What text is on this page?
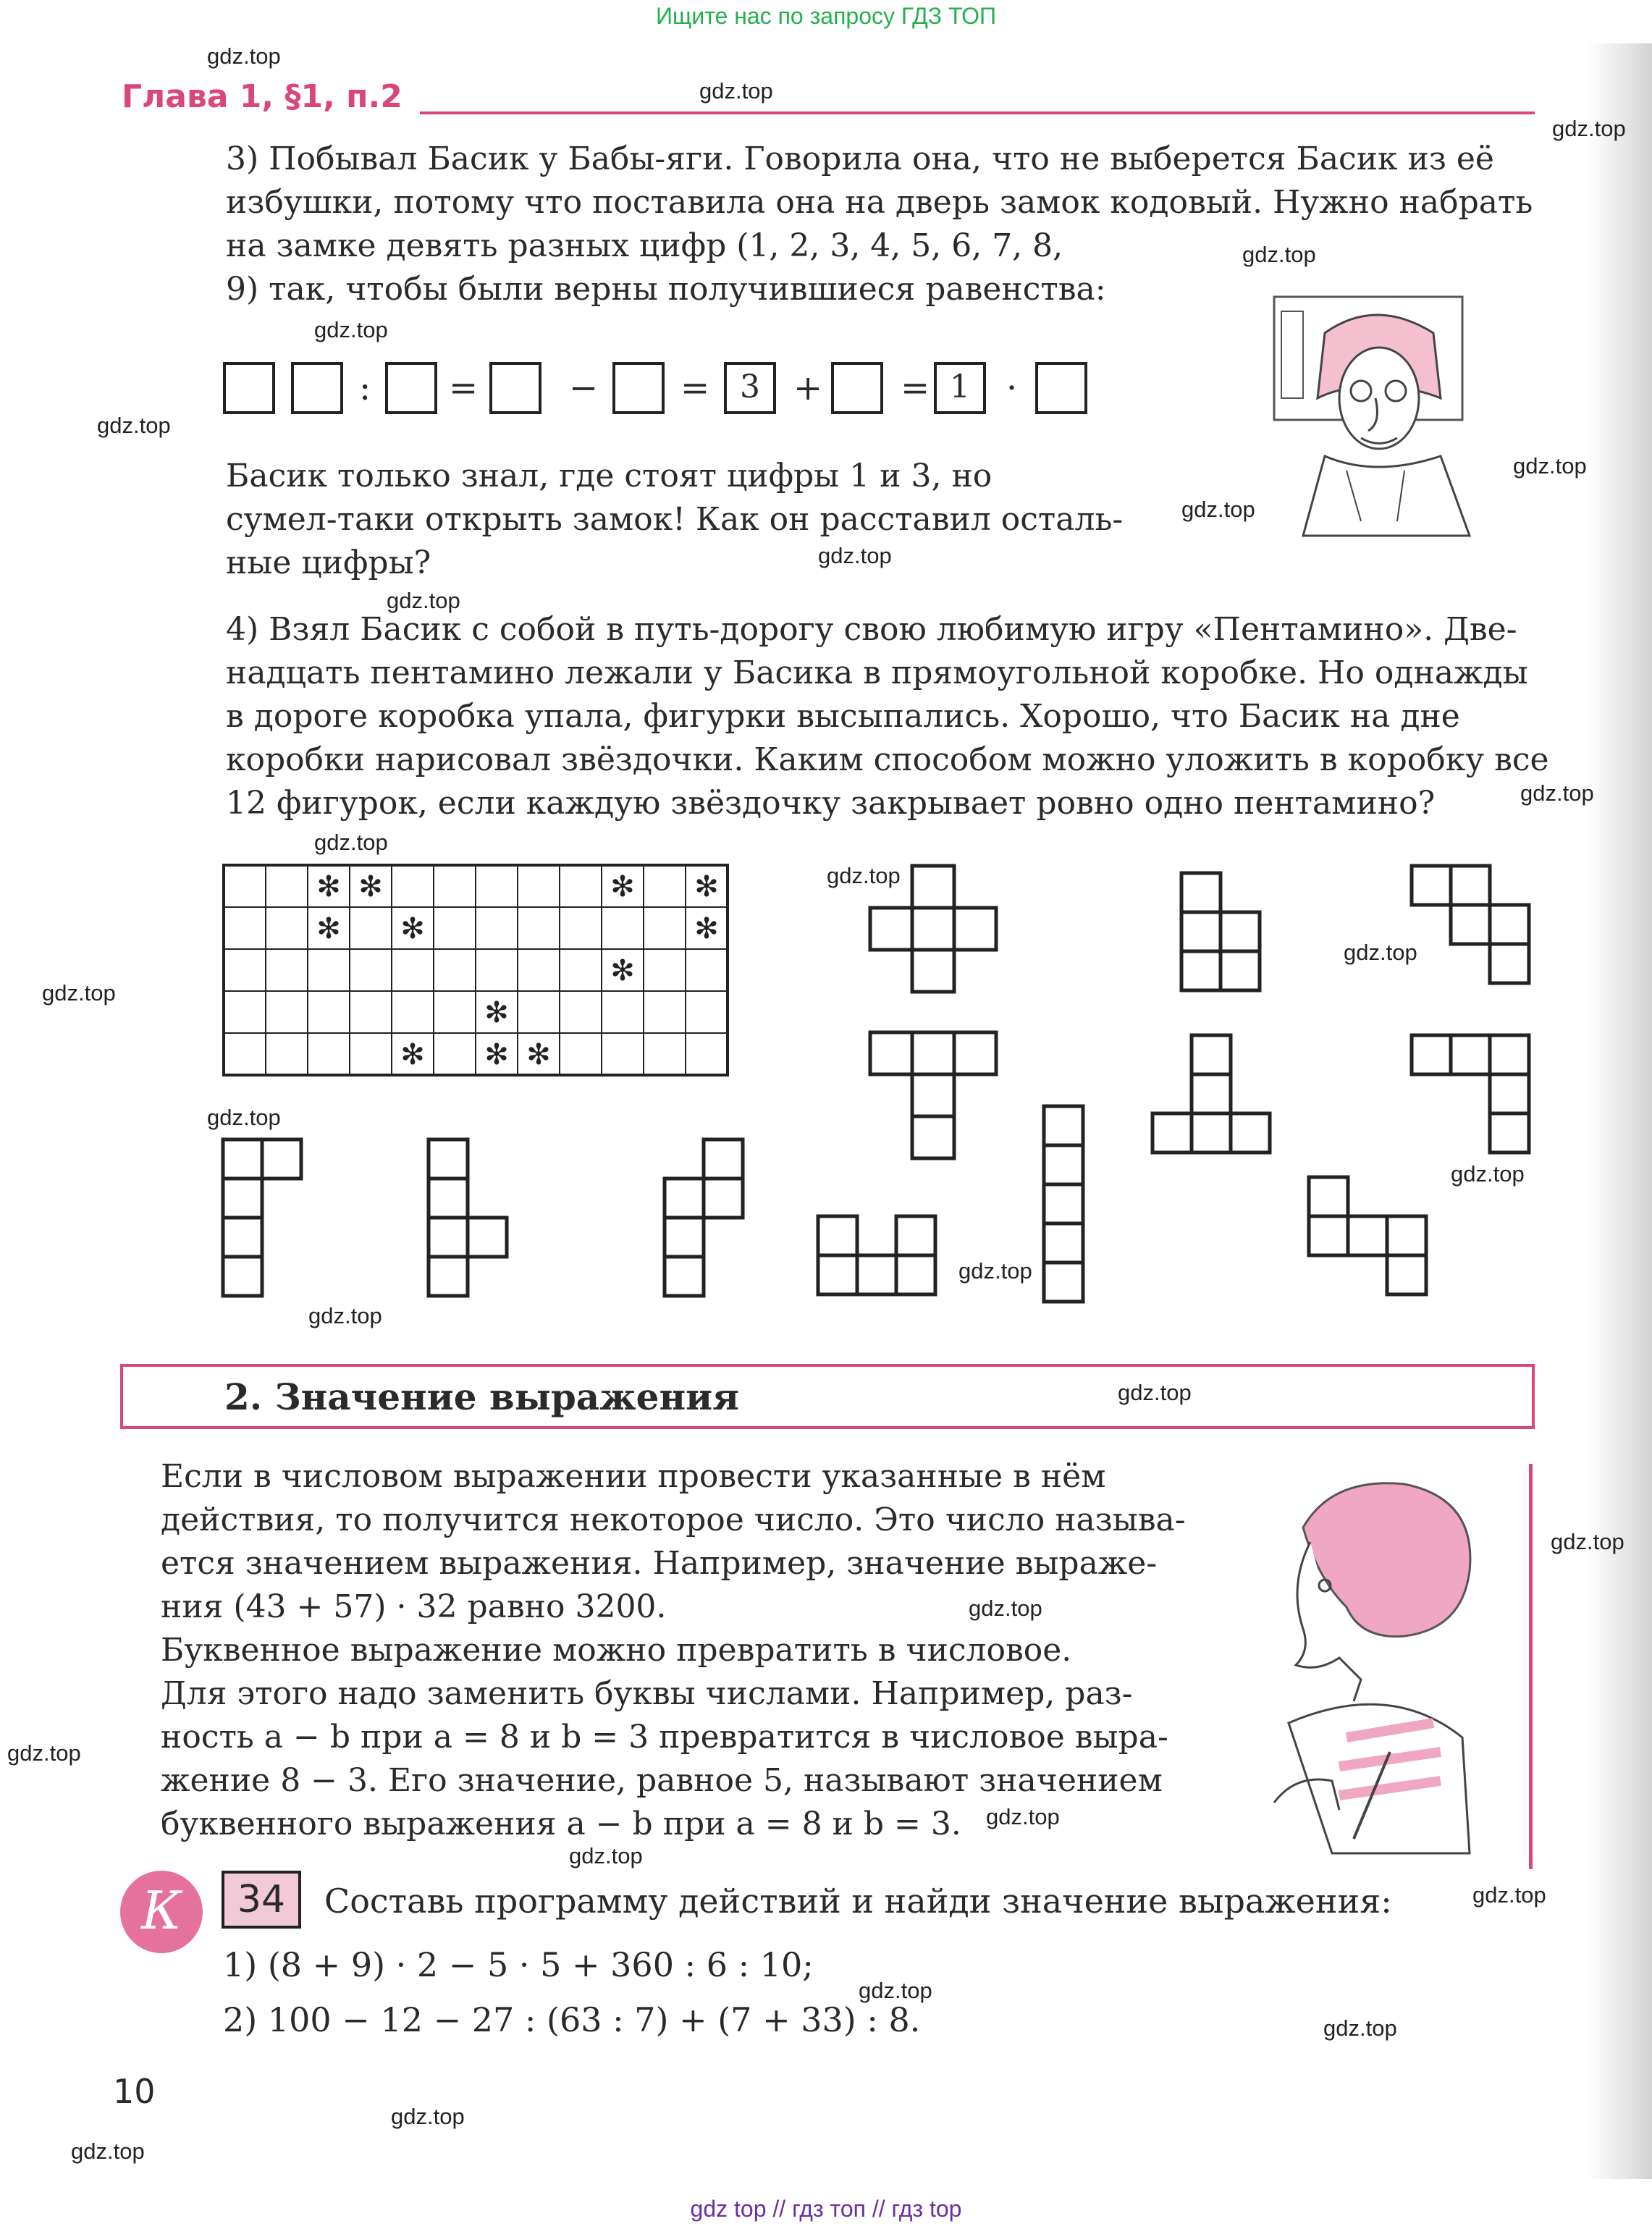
Ищите нас по запросу ГДЗ ТОП
Глава 1, §1, п.2

3) Побывал Басик у Бабы-яги. Говорила она, что не выберется Басик из её

избушки, потому что поставила она на дверь замок кодовый. Нужно набрать

на замке девять разных цифр (1, 2, 3, 4, 5, 6, 7, 8,

9) так, чтобы были верны получившиеся равенства:

: =	− = 3 + = 1	·

Басик только знал, где стоят цифры 1 и 3, но

сумел-таки открыть замок! Как он расставил осталь-

ные цифры?

4) Взял Басик с собой в путь-дорогу свою любимую игру «Пентамино». Две-

надцать пентамино лежали у Басика в прямоугольной коробке. Но однажды

в дороге коробка упала, фигурки высыпались. Хорошо, что Басик на дне

коробки нарисовал звёздочки. Каким способом можно уложить в коробку все

12 фигурок, если каждую звёздочку закрывает ровно одно пентамино?

✻ ✻	✻ ✻
✻ ✻	✻
✻
✻
✻ ✻ ✻
2. Значение выражения

Если в числовом выражении провести указанные в нём

действия, то получится некоторое число. Это число называ-

ется значением выражения. Например, значение выраже-

ния (43 + 57) · 32 равно 3200.

Буквенное выражение можно превратить в числовое.

Для этого надо заменить буквы числами. Например, раз-

ность a − b при a = 8 и b = 3 превратится в числовое выра-

жение 8 − 3. Его значение, равное 5, называют значением

буквенного выражения a − b при a = 8 и b = 3.

К	34	Составь программу действий и найди значение выражения:

1) (8 + 9) · 2 − 5 · 5 + 360 : 6 : 10;

2) 100 − 12 − 27 : (63 : 7) + (7 + 33) : 8.

10
gdz.top
gdz.top
gdz.top
gdz.top
gdz.top
gdz.top
gdz.top
gdz.top
gdz.top
gdz.top
gdz.top
gdz.top
gdz.top
gdz.top
gdz.top
gdz.top
gdz.top
gdz.top
gdz.top
gdz.top
gdz.top
gdz.top
gdz.top
gdz.top
gdz.top
gdz.top
gdz.top
gdz.top
gdz.top
gdz.top
gdz top // гдз топ // гдз top
